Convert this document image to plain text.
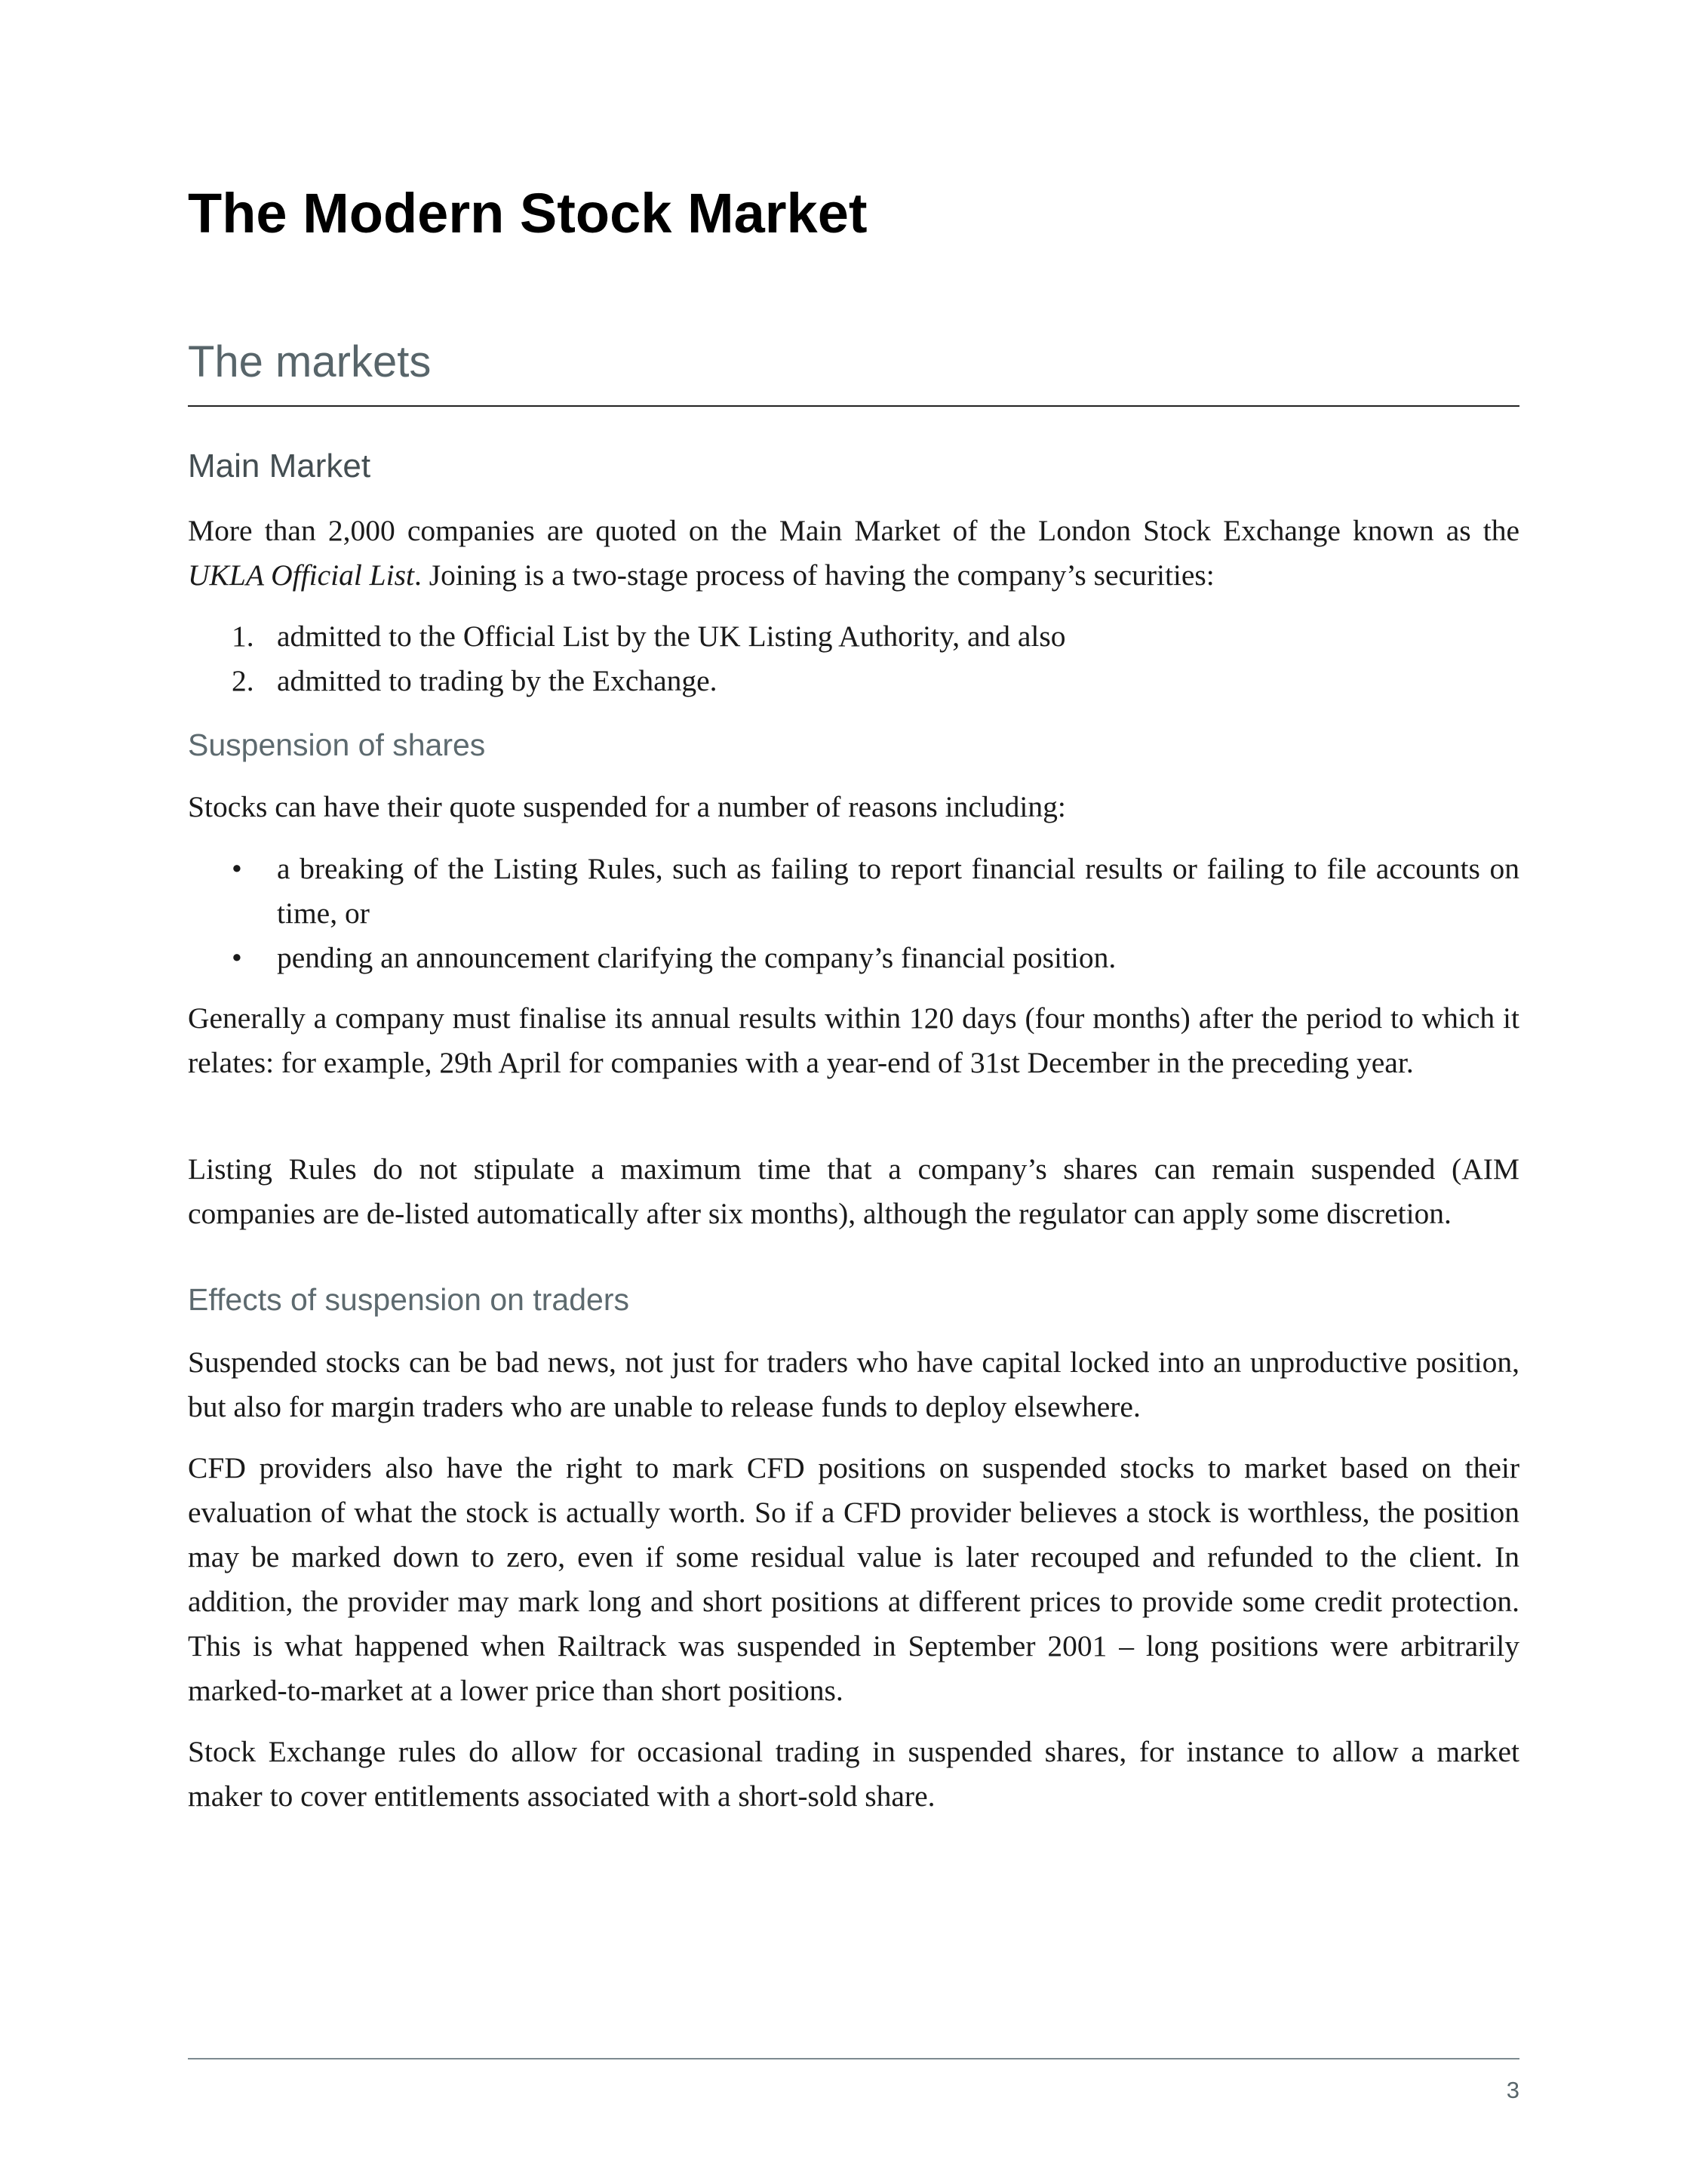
The Modern Stock Market
The markets
Main Market

More than 2,000 companies are quoted on the Main Market of the London Stock Exchange known as the UKLA Official List. Joining is a two-stage process of having the company’s securities:

1. admitted to the Official List by the UK Listing Authority, and also
2. admitted to trading by the Exchange.
Suspension of shares

Stocks can have their quote suspended for a number of reasons including:

• a breaking of the Listing Rules, such as failing to report financial results or failing to file accounts on time, or
• pending an announcement clarifying the company’s financial position.

Generally a company must finalise its annual results within 120 days (four months) after the period to which it relates: for example, 29th April for companies with a year-end of 31st December in the preceding year.

Listing Rules do not stipulate a maximum time that a company’s shares can remain suspended (AIM companies are de-listed automatically after six months), although the regulator can apply some discretion.

Effects of suspension on traders

Suspended stocks can be bad news, not just for traders who have capital locked into an unproductive position, but also for margin traders who are unable to release funds to deploy elsewhere.

CFD providers also have the right to mark CFD positions on suspended stocks to market based on their evaluation of what the stock is actually worth. So if a CFD provider believes a stock is worthless, the position may be marked down to zero, even if some residual value is later recouped and refunded to the client. In addition, the provider may mark long and short positions at different prices to provide some credit protection. This is what happened when Railtrack was suspended in September 2001 – long positions were arbitrarily marked-to-market at a lower price than short positions.

Stock Exchange rules do allow for occasional trading in suspended shares, for instance to allow a market maker to cover entitlements associated with a short-sold share.

3
